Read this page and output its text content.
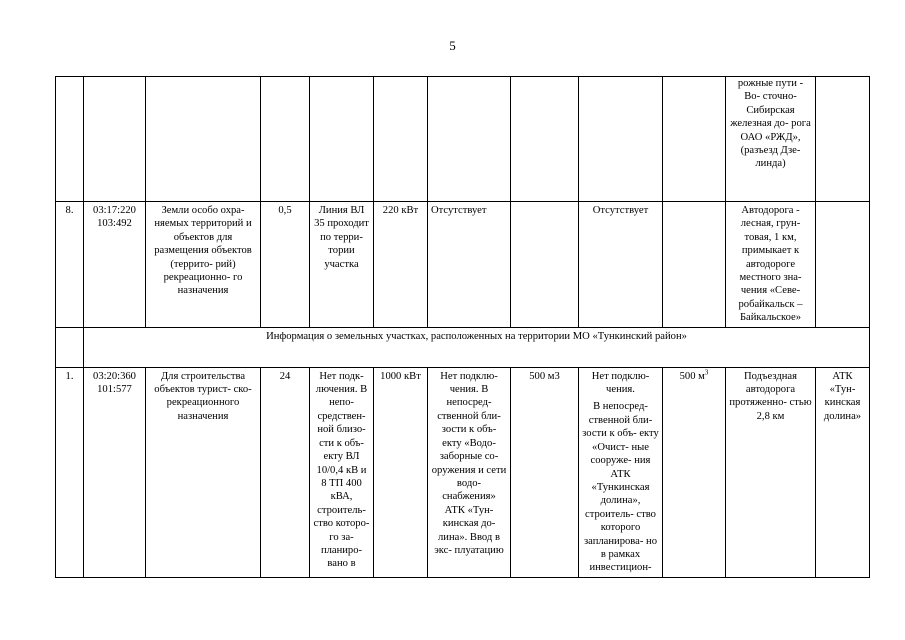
5

										рожные пути - Во- сточно- Сибирская железная до- рога ОАО «РЖД», (разъезд Дзе- линда)	

8.	03:17:220 103:492	Земли особо охра- няемых территорий и объектов для размещения объектов (террито- рий) рекреационно- го назначения	0,5	Линия ВЛ 35 проходит по терри- тории участка	220 кВт	Отсутствует		Отсутствует		Автодорога - лесная, грун- товая, 1 км, примыкает к автодороге местного зна- чения «Севе- робайкальск – Байкальское»	
	Информация о земельных участках, расположенных на территории МО «Тункинский район»										
1.	03:20:360 101:577	Для строительства объектов турист- ско-рекреационного назначения	24	Нет подк- лючения. В непо- средствен- ной близо- сти к объ- екту ВЛ 10/0,4 кВ и 8 ТП 400 кВА, строитель- ство которо- го за- планиро- вано в	1000 кВт	Нет подклю- чения. В непосред- ственной бли- зости к объ- екту «Водо- заборные со- оружения и сети водо- снабжения» АТК «Тун- кинская до- лина». Ввод в экс- плуатацию	500 м3	Нет подклю- чения.
В непосред- ственной бли- зости к объ- екту «Очист- ные сооруже- ния АТК «Тункинская долина», строитель- ство которого запланирова- но в рамках инвестицион-	500 $м^3$	Подъездная автодорога протяженно- стью 2,8 км	АТК «Тун- кинская долина»
